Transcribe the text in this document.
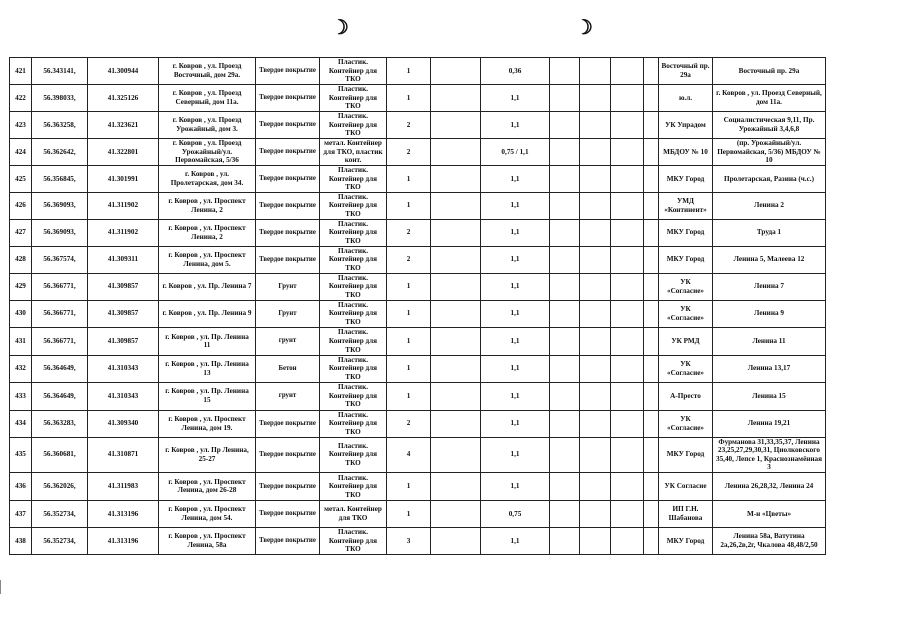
☽	☽
421	56.343141,	41.300944	г. Ковров , ул. Проезд Восточный, дом 29а.	Твердое покрытие	Пластик. Контейнер для ТКО	1		0,36					Восточный пр. 29а	Восточный пр. 29а
422	56.398033,	41.325126	г. Ковров , ул. Проезд Северный, дом 11а.	Твердое покрытие	Пластик. Контейнер для ТКО	1		1,1					ю.л.	г. Ковров , ул. Проезд Северный, дом 11а.
423	56.363258,	41.323621	г. Ковров , ул. Проезд Урожайный, дом 3.	Твердое покрытие	Пластик. Контейнер для ТКО	2		1,1					УК Упрадом	Социалистическая 9,11, Пр. Урожайный 3,4,6,8
424	56.362642,	41.322801	г. Ковров , ул. Проезд Урожайный/ул. Первомайская, 5/36	Твердое покрытие	метал. Контейнер для ТКО, пластик конт.	2		0,75 / 1,1					МБДОУ № 10	(пр. Урожайный/ул. Первомайская, 5/36) МБДОУ № 10
425	56.356845,	41.301991	г. Ковров , ул. Пролетарская, дом 34.	Твердое покрытие	Пластик. Контейнер для ТКО	1		1,1					МКУ Город	Пролетарская, Разина (ч.с.)
426	56.369093,	41.311902	г. Ковров , ул. Проспект Ленина, 2	Твердое покрытие	Пластик. Контейнер для ТКО	1		1,1					УМД «Континент»	Ленина 2
427	56.369093,	41.311902	г. Ковров , ул. Проспект Ленина, 2	Твердое покрытие	Пластик. Контейнер для ТКО	2		1,1					МКУ Город	Труда 1
428	56.367574,	41.309311	г. Ковров , ул. Проспект Ленина, дом 5.	Твердое покрытие	Пластик. Контейнер для ТКО	2		1,1					МКУ Город	Ленина 5, Малеева 12
429	56.366771,	41.309857	г. Ковров , ул. Пр. Ленина 7	Грунт	Пластик. Контейнер для ТКО	1		1,1					УК «Согласие»	Ленина 7
430	56.366771,	41.309857	г. Ковров , ул. Пр. Ленина 9	Грунт	Пластик. Контейнер для ТКО	1		1,1					УК «Согласие»	Ленина 9
431	56.366771,	41.309857	г. Ковров , ул. Пр. Ленина 11	грунт	Пластик. Контейнер для ТКО	1		1,1					УК РМД	Ленина 11
432	56.364649,	41.310343	г. Ковров , ул. Пр. Ленина 13	Бетон	Пластик. Контейнер для ТКО	1		1,1					УК «Согласие»	Ленина 13,17
433	56.364649,	41.310343	г. Ковров , ул. Пр. Ленина 15	грунт	Пластик. Контейнер для ТКО	1		1,1					А-Престо	Ленина 15
434	56.363283,	41.309340	г. Ковров , ул. Проспект Ленина, дом 19.	Твердое покрытие	Пластик. Контейнер для ТКО	2		1,1					УК «Согласие»	Ленина 19,21
435	56.360681,	41.310871	г. Ковров , ул. Пр Ленина, 25-27	Твердое покрытие	Пластик. Контейнер для ТКО	4		1,1					МКУ Город	Фурманова 31,33,35,37, Ленина 23,25,27,29,30,31, Циолковского 35,40, Лепсе 1, Краснознамённая 3
436	56.362026,	41.311983	г. Ковров , ул. Проспект Ленина, дом 26-28	Твердое покрытие	Пластик. Контейнер для ТКО	1		1,1					УК Согласие	Ленина 26,28,32, Ленина 24
437	56.352734,	41.313196	г. Ковров , ул. Проспект Ленина, дом 54.	Твердое покрытие	метал. Контейнер для ТКО	1		0,75					ИП Г.Н. Шабанова	М-н «Цветы»
438	56.352734,	41.313196	г. Ковров , ул. Проспект Ленина, 58а	Твердое покрытие	Пластик. Контейнер для ТКО	3		1,1					МКУ Город	Ленина 58а, Ватутина 2а,26,2в,2г, Чкалова 48,48/2,50
